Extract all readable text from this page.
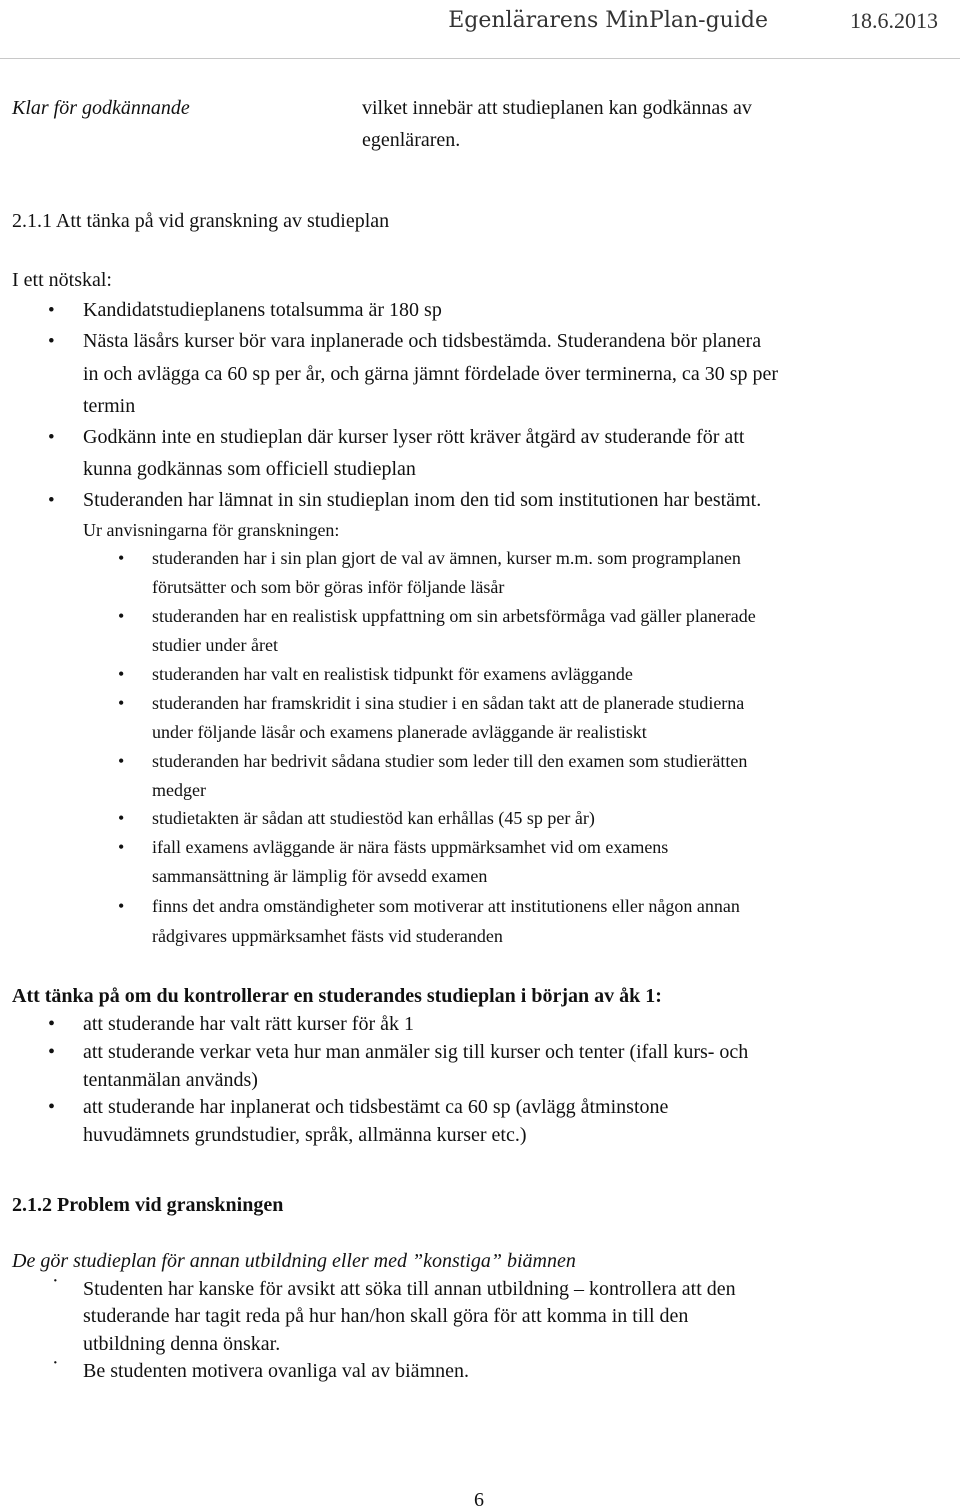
Egenlärarens MinPlan-guide	18.6.2013
Klar för godkännande	vilket innebär att studieplanen kan godkännas av
egenläraren.
2.1.1 Att tänka på vid granskning av studieplan
I ett nötskal:
• Kandidatstudieplanens totalsumma är 180 sp
• Nästa läsårs kurser bör vara inplanerade och tidsbestämda. Studerandena bör planera
in och avlägga ca 60 sp per år, och gärna jämnt fördelade över terminerna, ca 30 sp per
termin
• Godkänn inte en studieplan där kurser lyser rött kräver åtgärd av studerande för att
kunna godkännas som officiell studieplan
• Studeranden har lämnat in sin studieplan inom den tid som institutionen har bestämt.
Ur anvisningarna för granskningen:
• studeranden har i sin plan gjort de val av ämnen, kurser m.m. som programplanen
förutsätter och som bör göras inför följande läsår
• studeranden har en realistisk uppfattning om sin arbetsförmåga vad gäller planerade
studier under året
• studeranden har valt en realistisk tidpunkt för examens avläggande
• studeranden har framskridit i sina studier i en sådan takt att de planerade studierna
under följande läsår och examens planerade avläggande är realistiskt
• studeranden har bedrivit sådana studier som leder till den examen som studierätten
medger
• studietakten är sådan att studiestöd kan erhållas (45 sp per år)
• ifall examens avläggande är nära fästs uppmärksamhet vid om examens
sammansättning är lämplig för avsedd examen
• finns det andra omständigheter som motiverar att institutionens eller någon annan
rådgivares uppmärksamhet fästs vid studeranden
Att tänka på om du kontrollerar en studerandes studieplan i början av åk 1:
• att studerande har valt rätt kurser för åk 1
• att studerande verkar veta hur man anmäler sig till kurser och tenter (ifall kurs- och
tentanmälan används)
• att studerande har inplanerat och tidsbestämt ca 60 sp (avlägg åtminstone
huvudämnets grundstudier, språk, allmänna kurser etc.)
2.1.2 Problem vid granskningen
De gör studieplan för annan utbildning eller med ”konstiga” biämnen
· Studenten har kanske för avsikt att söka till annan utbildning – kontrollera att den
studerande har tagit reda på hur han/hon skall göra för att komma in till den
utbildning denna önskar.
· Be studenten motivera ovanliga val av biämnen.
6
